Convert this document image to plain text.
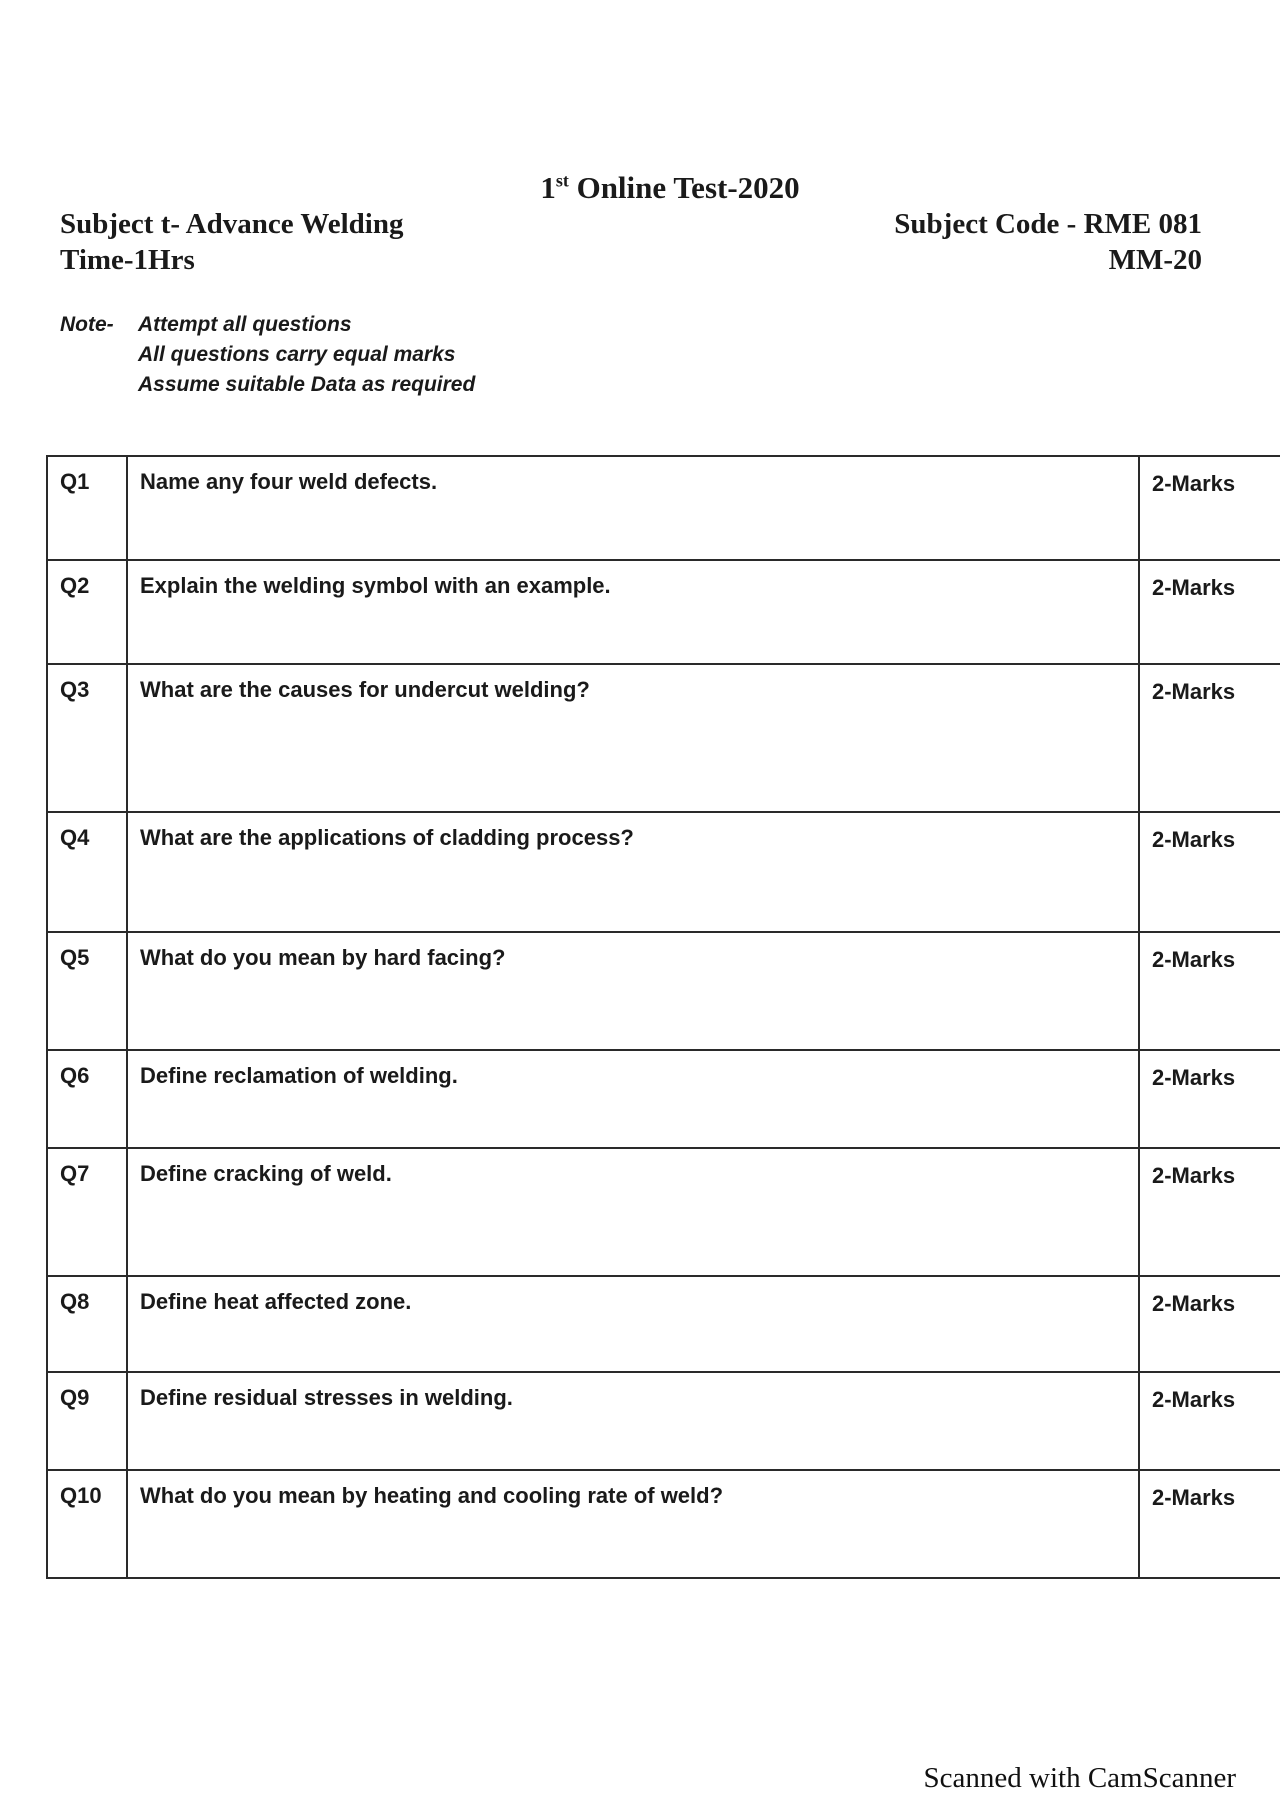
1st Online Test-2020
Subject t- Advance Welding
Time-1Hrs
Subject Code - RME 081
MM-20
Note- Attempt all questions
All questions carry equal marks
Assume suitable Data as required
Q1	Name any four weld defects.	2-Marks
Q2	Explain the welding symbol with an example.	2-Marks
Q3	What are the causes for undercut welding?	2-Marks
Q4	What are the applications of cladding process?	2-Marks
Q5	What do you mean by hard facing?	2-Marks
Q6	Define reclamation of welding.	2-Marks
Q7	Define cracking of weld.	2-Marks
Q8	Define heat affected zone.	2-Marks
Q9	Define residual stresses in welding.	2-Marks
Q10	What do you mean by heating and cooling rate of weld?	2-Marks
Scanned with CamScanner
